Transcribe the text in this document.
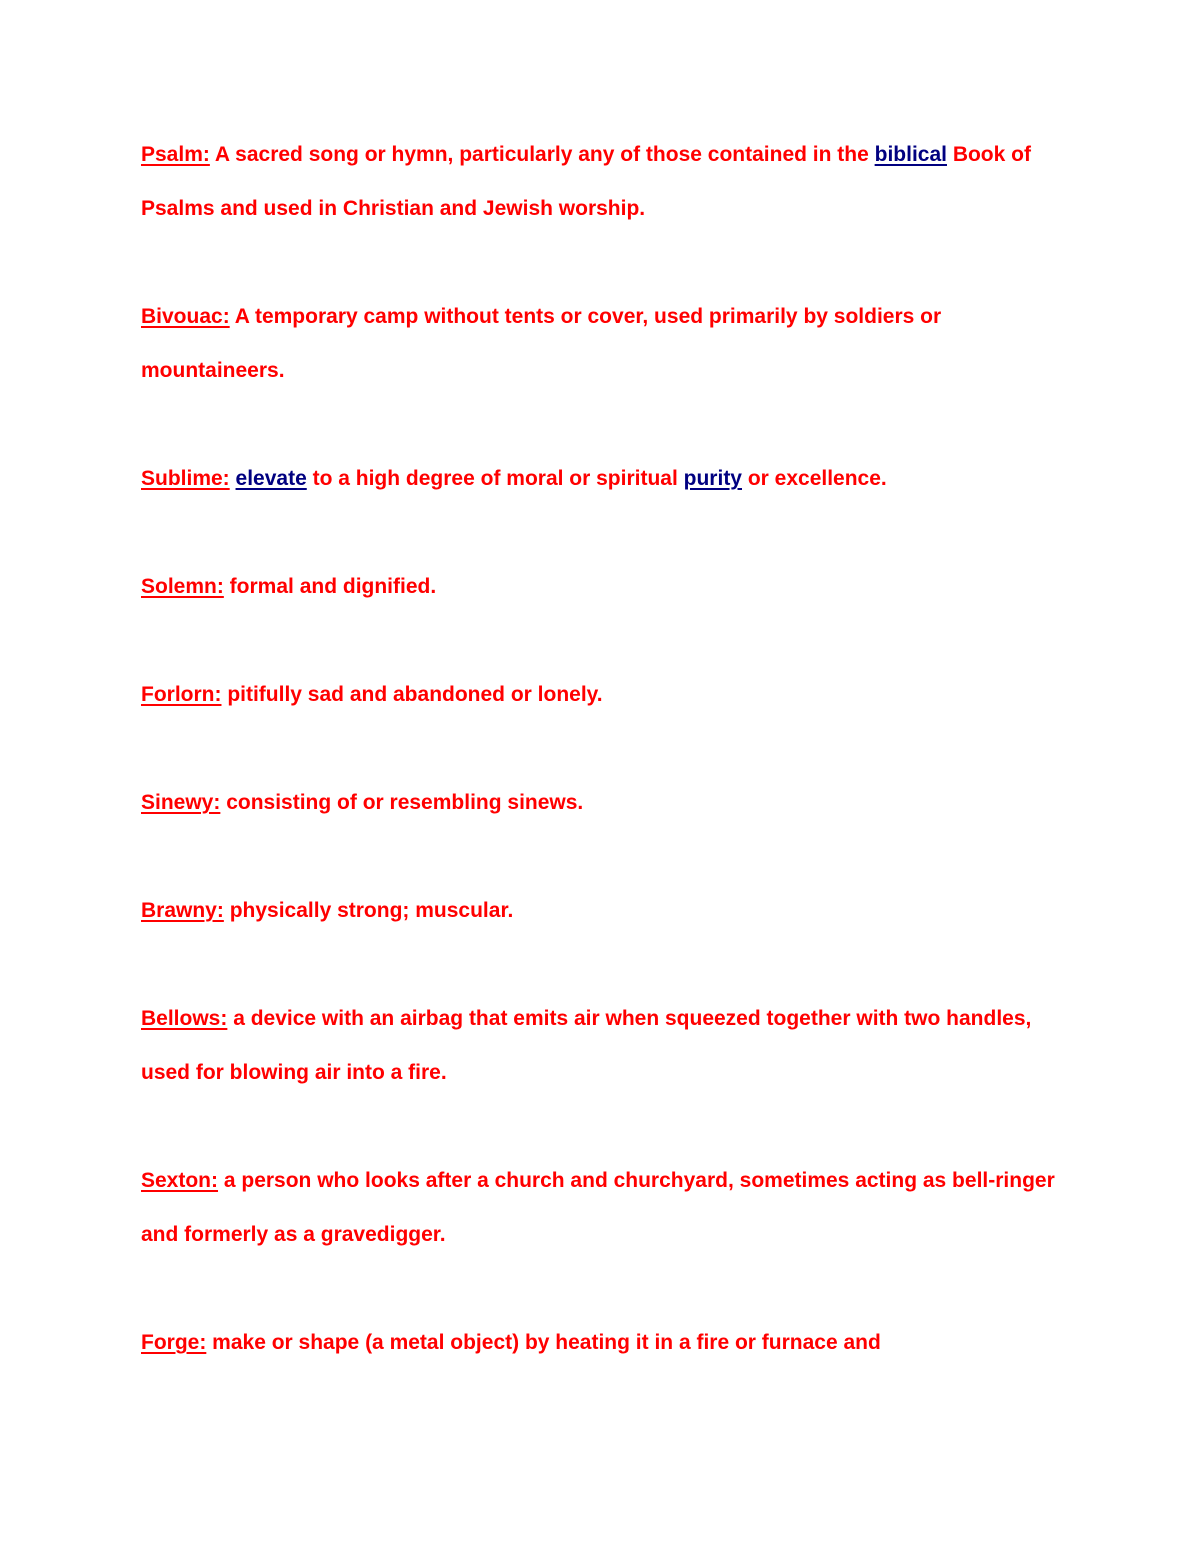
Psalm: A sacred song or hymn, particularly any of those contained in the biblical Book of Psalms and used in Christian and Jewish worship.

Bivouac: A temporary camp without tents or cover, used primarily by soldiers or mountaineers.

Sublime: elevate to a high degree of moral or spiritual purity or excellence.

Solemn: formal and dignified.

Forlorn: pitifully sad and abandoned or lonely.

Sinewy: consisting of or resembling sinews.

Brawny: physically strong; muscular.

Bellows: a device with an airbag that emits air when squeezed together with two handles, used for blowing air into a fire.

Sexton: a person who looks after a church and churchyard, sometimes acting as bell-ringer and formerly as a gravedigger.

Forge: make or shape (a metal object) by heating it in a fire or furnace and
